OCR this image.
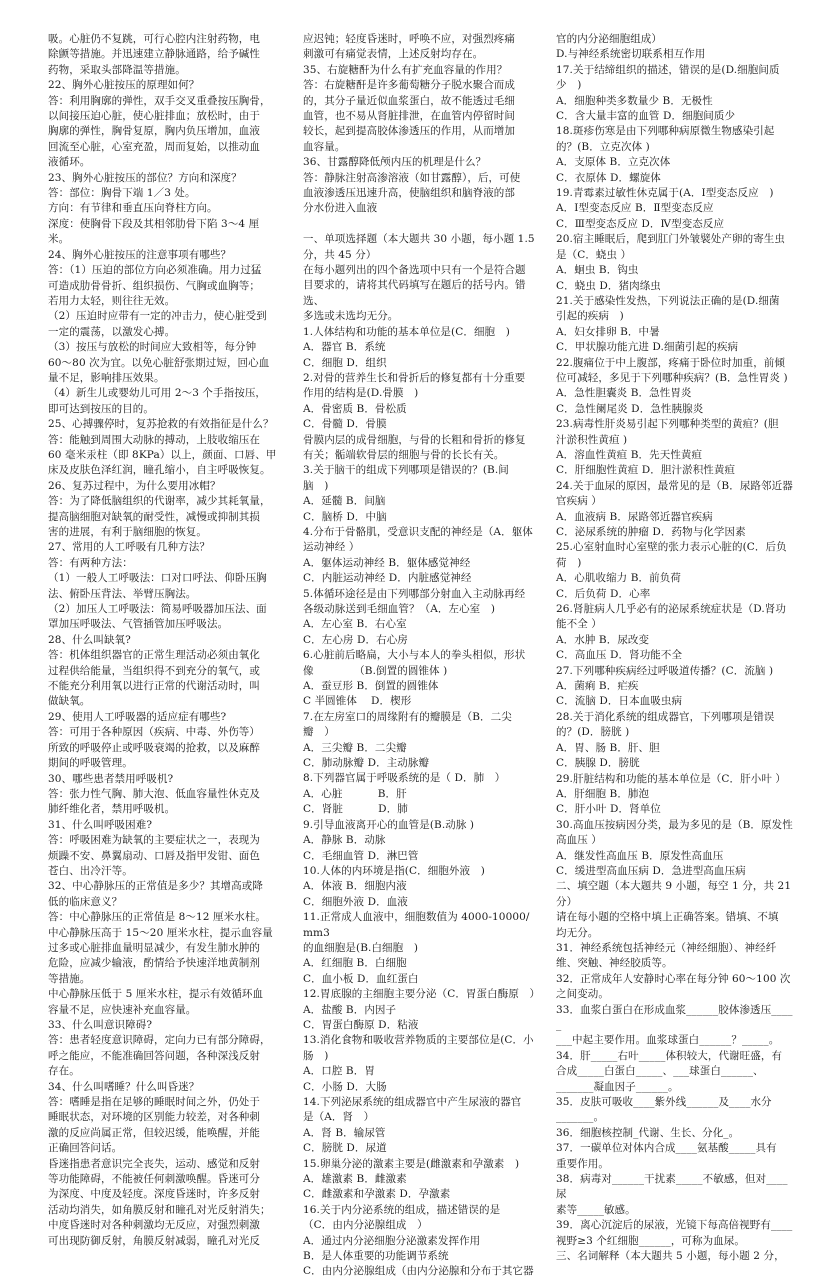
吸。心脏仍不复跳，可行心腔内注射药物，电

除颤等措施。并迅速建立静脉通路，给予碱性

药物，采取头部降温等措施。

22、胸外心脏按压的原理如何？

答：利用胸廓的弹性，双手交叉重叠按压胸骨，

以间接压迫心脏，使心脏排血；放松时，由于

胸廓的弹性，胸骨复原，胸内负压增加，血液

回流至心脏，心室充盈，周而复始，以推动血

液循环。

23、胸外心脏按压的部位？方向和深度？

答：部位：胸骨下端 1／3 处。

方向：有节律和垂直压向脊柱方向。

深度：使胸骨下段及其相邻肋骨下陷 3～4 厘米。

24、胸外心脏按压的注意事项有哪些？

答：（1）压迫的部位方向必须准确。用力过猛

可造成肋骨骨折、组织损伤、气胸或血胸等；

若用力太轻，则往往无效。

（2）压迫时应带有一定的冲击力，使心脏受到

一定的震荡，以激发心搏。

（3）按压与放松的时间应大致相等，每分钟

60～80 次为宜。以免心脏舒张期过短，回心血

量不足，影响排压效果。

（4）新生儿或婴幼儿可用 2～3 个手指按压，

即可达到按压的目的。

25、心搏骤停时，复苏抢救的有效指征是什么？

答：能触到周围大动脉的搏动，上肢收缩压在

60 毫米汞柱（即 8KPa）以上，颜面、口唇、甲

床及皮肤色泽红润，瞳孔缩小，自主呼吸恢复。

26、复苏过程中，为什么要用冰帽？

答：为了降低脑组织的代谢率，减少其耗氧量，

提高脑细胞对缺氧的耐受性，减慢或抑制其损

害的进展，有利于脑细胞的恢复。

27、常用的人工呼吸有几种方法？

答：有两种方法：

（1）一般人工呼吸法：口对口呼法、仰卧压胸

法、俯卧压背法、举臂压胸法。

（2）加压人工呼吸法：简易呼吸器加压法、面

罩加压呼吸法、气管插管加压呼吸法。

28、什么叫缺氧?

答：机体组织器官的正常生理活动必须由氧化

过程供给能量，当组织得不到充分的氧气，或

不能充分利用氧以进行正常的代谢活动时，叫

做缺氧。

29、使用人工呼吸器的适应症有哪些?

答：可用于各种原因（疾病、中毒、外伤等）

所致的呼吸停止或呼吸衰竭的抢救，以及麻醉

期间的呼吸管理。

30、哪些患者禁用呼吸机?

答：张力性气胸、肺大泡、低血容量性休克及

肺纤维化者，禁用呼吸机。

31、什么叫呼吸困难?

答：呼吸困难为缺氧的主要症状之一，表现为

烦躁不安、鼻翼扇动、口唇及指甲发钳、面色

苍白、出冷汗等。

32、中心静脉压的正常值是多少？其增高或降

低的临床意义？

答：中心静脉压的正常值是 8～12 厘米水柱。

中心静脉压高于 15～20 厘米水柱，提示血容量

过多或心脏排血量明显减少，有发生肺水肿的

危险，应减少输液，酌情给予快速洋地黄制剂

等措施。

中心静脉压低于 5 厘米水柱，提示有效循环血

容量不足，应快速补充血容量。

33、什么叫意识障碍?

答：患者轻度意识障碍，定向力已有部分障碍，

呼之能应，不能准确回答问题，各种深浅反射

存在。

34、什么叫嗜睡？什么叫昏迷？

答：嗜睡是指在足够的睡眠时间之外，仍处于

睡眠状态，对环境的区别能力较差，对各种刺

激的反应尚属正常，但较迟缓，能唤醒，并能

正确回答问话。

昏迷指患者意识完全丧失，运动、感觉和反射

等功能障碍，不能被任何刺激唤醒。昏迷可分

为深度、中度及轻度。深度昏迷时，许多反射

活动均消失，如角膜反射和瞳孔对光反射消失；

中度昏迷时对各种刺激均无反应，对强烈刺激

可出现防御反射，角膜反射减弱，瞳孔对光反

应迟钝；轻度昏迷时，呼唤不应，对强烈疼痛

刺激可有痛觉表情，上述反射均存在。

35、右旋糖酐为什么有扩充血容量的作用？

答：右旋糖酐是许多葡萄糖分子脱水聚合而成

的，其分子量近似血浆蛋白，故不能透过毛细

血管，也不易从肾脏排泄，在血管内停留时间

较长，起到提高胶体渗透压的作用，从而增加

血容量。

36、甘露醇降低颅内压的机理是什么？

答：静脉注射高渗溶液（如甘露醇），后，可使

血液渗透压迅速升高，使脑组织和脑脊液的部

分水份进入血液

一、单项选择题（本大题共 30 小题，每小题 1.5

分，共 45 分）

在每小题列出的四个备选项中只有一个是符合题

目要求的，请将其代码填写在题后的括号内。错选、

多选或未选均无分。

1.人体结构和功能的基本单位是(C．细胞　)

A．器官 B．系统

C．细胞 D．组织

2.对骨的营养生长和骨折后的修复都有十分重要

作用的结构是(D.骨膜　)

A．骨密质 B．骨松质

C．骨髓 D．骨膜

骨膜内层的成骨细胞，与骨的长粗和骨折的修复

有关；骺端软骨层的细胞与骨的长长有关。

3.关于脑干的组成下列哪项是错误的？(B.间

脑　)

A．延髓 B．间脑

C．脑桥 D．中脑

4.分布于骨骼肌，受意识支配的神经是（A．躯体

运动神经 ）

A．躯体运动神经 B．躯体感觉神经

C．内脏运动神经 D．内脏感觉神经

5.体循环途径是由下列哪部分射血入主动脉再经

各级动脉送到毛细血管？（A．左心室　)

A．左心室 B．右心室

C．左心房 D．右心房

6.心脏前后略扁，大小与本人的拳头相似，形状

像 　　　　（B.倒置的圆锥体 )

A．蚕豆形 B．倒置的圆锥体

C 半圆锥体　 D．楔形

7.在左房室口的周缘附有的瓣膜是（B．二尖瓣　）

A．三尖瓣 B．二尖瓣

C．肺动脉瓣 D．主动脉瓣

8.下列器官属于呼吸系统的是（ D．肺　）

A．心脏　　　 B．肝

C．肾脏　　　 D．肺

9.引导血液离开心的血管是(B.动脉 )

A．静脉 B．动脉

C．毛细血管 D．淋巴管

10.人体的内环境是指(C．细胞外液　)

A．体液 B．细胞内液

C．细胞外液 D．血液

11.正常成人血液中，细胞数值为 4000-10000/mm3

的血细胞是(B.白细胞　)

A．红细胞 B．白细胞

C．血小板 D．血红蛋白

12.胃底腺的主细胞主要分泌（C．胃蛋白酶原　）

A．盐酸 B．内因子

C．胃蛋白酶原 D．粘液

13.消化食物和吸收营养物质的主要部位是(C．小

肠　)

A．口腔 B．胃

C．小肠 D．大肠

14.下列泌尿系统的组成器官中产生尿液的器官

是（A．肾　）

A．肾 B．输尿管

C．膀胱 D．尿道

15.卵巢分泌的激素主要是(雌激素和孕激素　)

A．雄激素 B．雌激素

C．雌激素和孕激素 D．孕激素

16.关于内分泌系统的组成，描述错误的是

（C．由内分泌腺组成　）

A．通过内分泌细胞分泌激素发挥作用

B．是人体重要的功能调节系统

C．由内分泌腺组成（由内分泌腺和分布于其它器

官的内分泌细胞组成）

D.与神经系统密切联系相互作用

17.关于结缔组织的描述，错误的是(D.细胞间质

少　)

A．细胞种类多数量少 B．无极性

C．含大量丰富的血管 D．细胞间质少

18.斑疹伤寒是由下列哪种病原微生物感染引起

的？(B．立克次体 )

A．支原体 B．立克次体

C．衣原体 D．螺旋体

19.青霉素过敏性休克属于(A．Ⅰ型变态反应　)

A．Ⅰ型变态反应 B．Ⅱ型变态反应

C．Ⅲ型变态反应 D．Ⅳ型变态反应

20.宿主睡眠后，爬到肛门外皱襞处产卵的寄生虫

是（C．蛲虫 ）

A．蛔虫 B．钩虫

C．蛲虫 D．猪肉绦虫

21.关于感染性发热，下列说法正确的是(D.细菌

引起的疾病　)

A．妇女排卵 B．中暑

C．甲状腺功能亢进 D.细菌引起的疾病

22.腹痛位于中上腹部，疼痛于卧位时加重，前倾

位可减轻，多见于下列哪种疾病？(B．急性胃炎 )

A．急性胆囊炎 B．急性胃炎

C．急性阑尾炎 D．急性胰腺炎

23.病毒性肝炎易引起下列哪种类型的黄疸？(胆

汁淤积性黄疸 )

A．溶血性黄疸 B．先天性黄疸

C．肝细胞性黄疸 D．胆汁淤积性黄疸

24.关于血尿的原因，最常见的是（B．尿路邻近器

官疾病 ）

A．血液病 B．尿路邻近器官疾病

C．泌尿系统的肿瘤 D．药物与化学因素

25.心室射血时心室壁的张力表示心脏的(C．后负

荷　)

A．心肌收缩力 B．前负荷

C．后负荷 D．心率

26.肾脏病人几乎必有的泌尿系统症状是（D.肾功

能不全 ）

A．水肿 B．尿改变

C．高血压 D．肾功能不全

27.下列哪种疾病经过呼吸道传播？(C．流脑 )

A．菌痢 B．疟疾

C．流脑 D．日本血吸虫病

28.关于消化系统的组成器官，下列哪项是错误

的？(D．膀胱 )

A．胃、肠 B．肝、胆

C．胰腺 D．膀胱

29.肝脏结构和功能的基本单位是（C．肝小叶 ）

A．肝细胞 B．肺泡

C．肝小叶 D．肾单位

30.高血压按病因分类，最为多见的是（B．原发性

高血压 ）

A．继发性高血压 B．原发性高血压

C．缓进型高血压病 D．急进型高血压病

二、填空题（本大题共 9 小题，每空 1 分，共 21

分）

请在每小题的空格中填上正确答案。错填、不填

均无分。

31．神经系统包括神经元（神经细胞）、神经纤

维、突触、神经胶质等。

32．正常成年人安静时心率在每分钟 60～100 次

之间变动。

33．血浆白蛋白在形成血浆______胶体渗透压_____

___中起主要作用。血浆球蛋白______？_____。

34．肝_____右叶_____体积较大，代谢旺盛，有

合成_____白蛋白_____、___球蛋白______、

_______凝血因子______。

35．皮肤可吸收____紫外线______及____水分

_______。

36．细胞核控制_代谢、生长、分化_。

37．一碳单位对体内合成____氨基酸_____具有

重要作用。

38．病毒对______干扰素_____不敏感，但对____尿

素等_____敏感。

39．离心沉淀后的尿液，光镜下每高倍视野有____

视野≥3 个红细胞______，可称为血尿。

三、名词解释（本大题共 5 小题，每小题 2 分，
